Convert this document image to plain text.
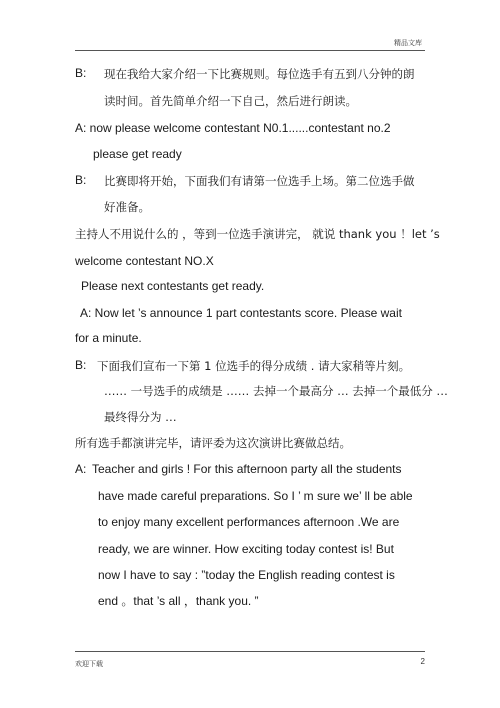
精品文库
B: 现在我给大家介绍一下比赛规则。每位选手有五到八分钟的朗
读时间。首先简单介绍一下自己，然后进行朗读。
A: now please welcome contestant N0.1......contestant no.2
please get ready
B: 比赛即将开始，下面我们有请第一位选手上场。第二位选手做
好准备。
主持人不用说什么的 ，等到一位选手演讲完， 就说 thank you ！let ’s
welcome contestant NO.X
Please next contestants get ready.
A: Now let ’s announce 1 part contestants score. Please wait
for a minute.
B: 下面我们宣布一下第 1 位选手的得分成绩 . 请大家稍等片刻。
…… 一号选手的成绩是 …… 去掉一个最高分 … 去掉一个最低分 …
最终得分为 …
所有选手都演讲完毕，请评委为这次演讲比赛做总结。
A: Teacher and girls ! For this afternoon party all the students
have made careful preparations. So I ’ m sure we’ ll be able
to enjoy many excellent performances afternoon .We are
ready, we are winner. How exciting today contest is! But
now I have to say : ”today the English reading contest is
end 。that ’s all ，thank you. ”
欢迎下载	2
